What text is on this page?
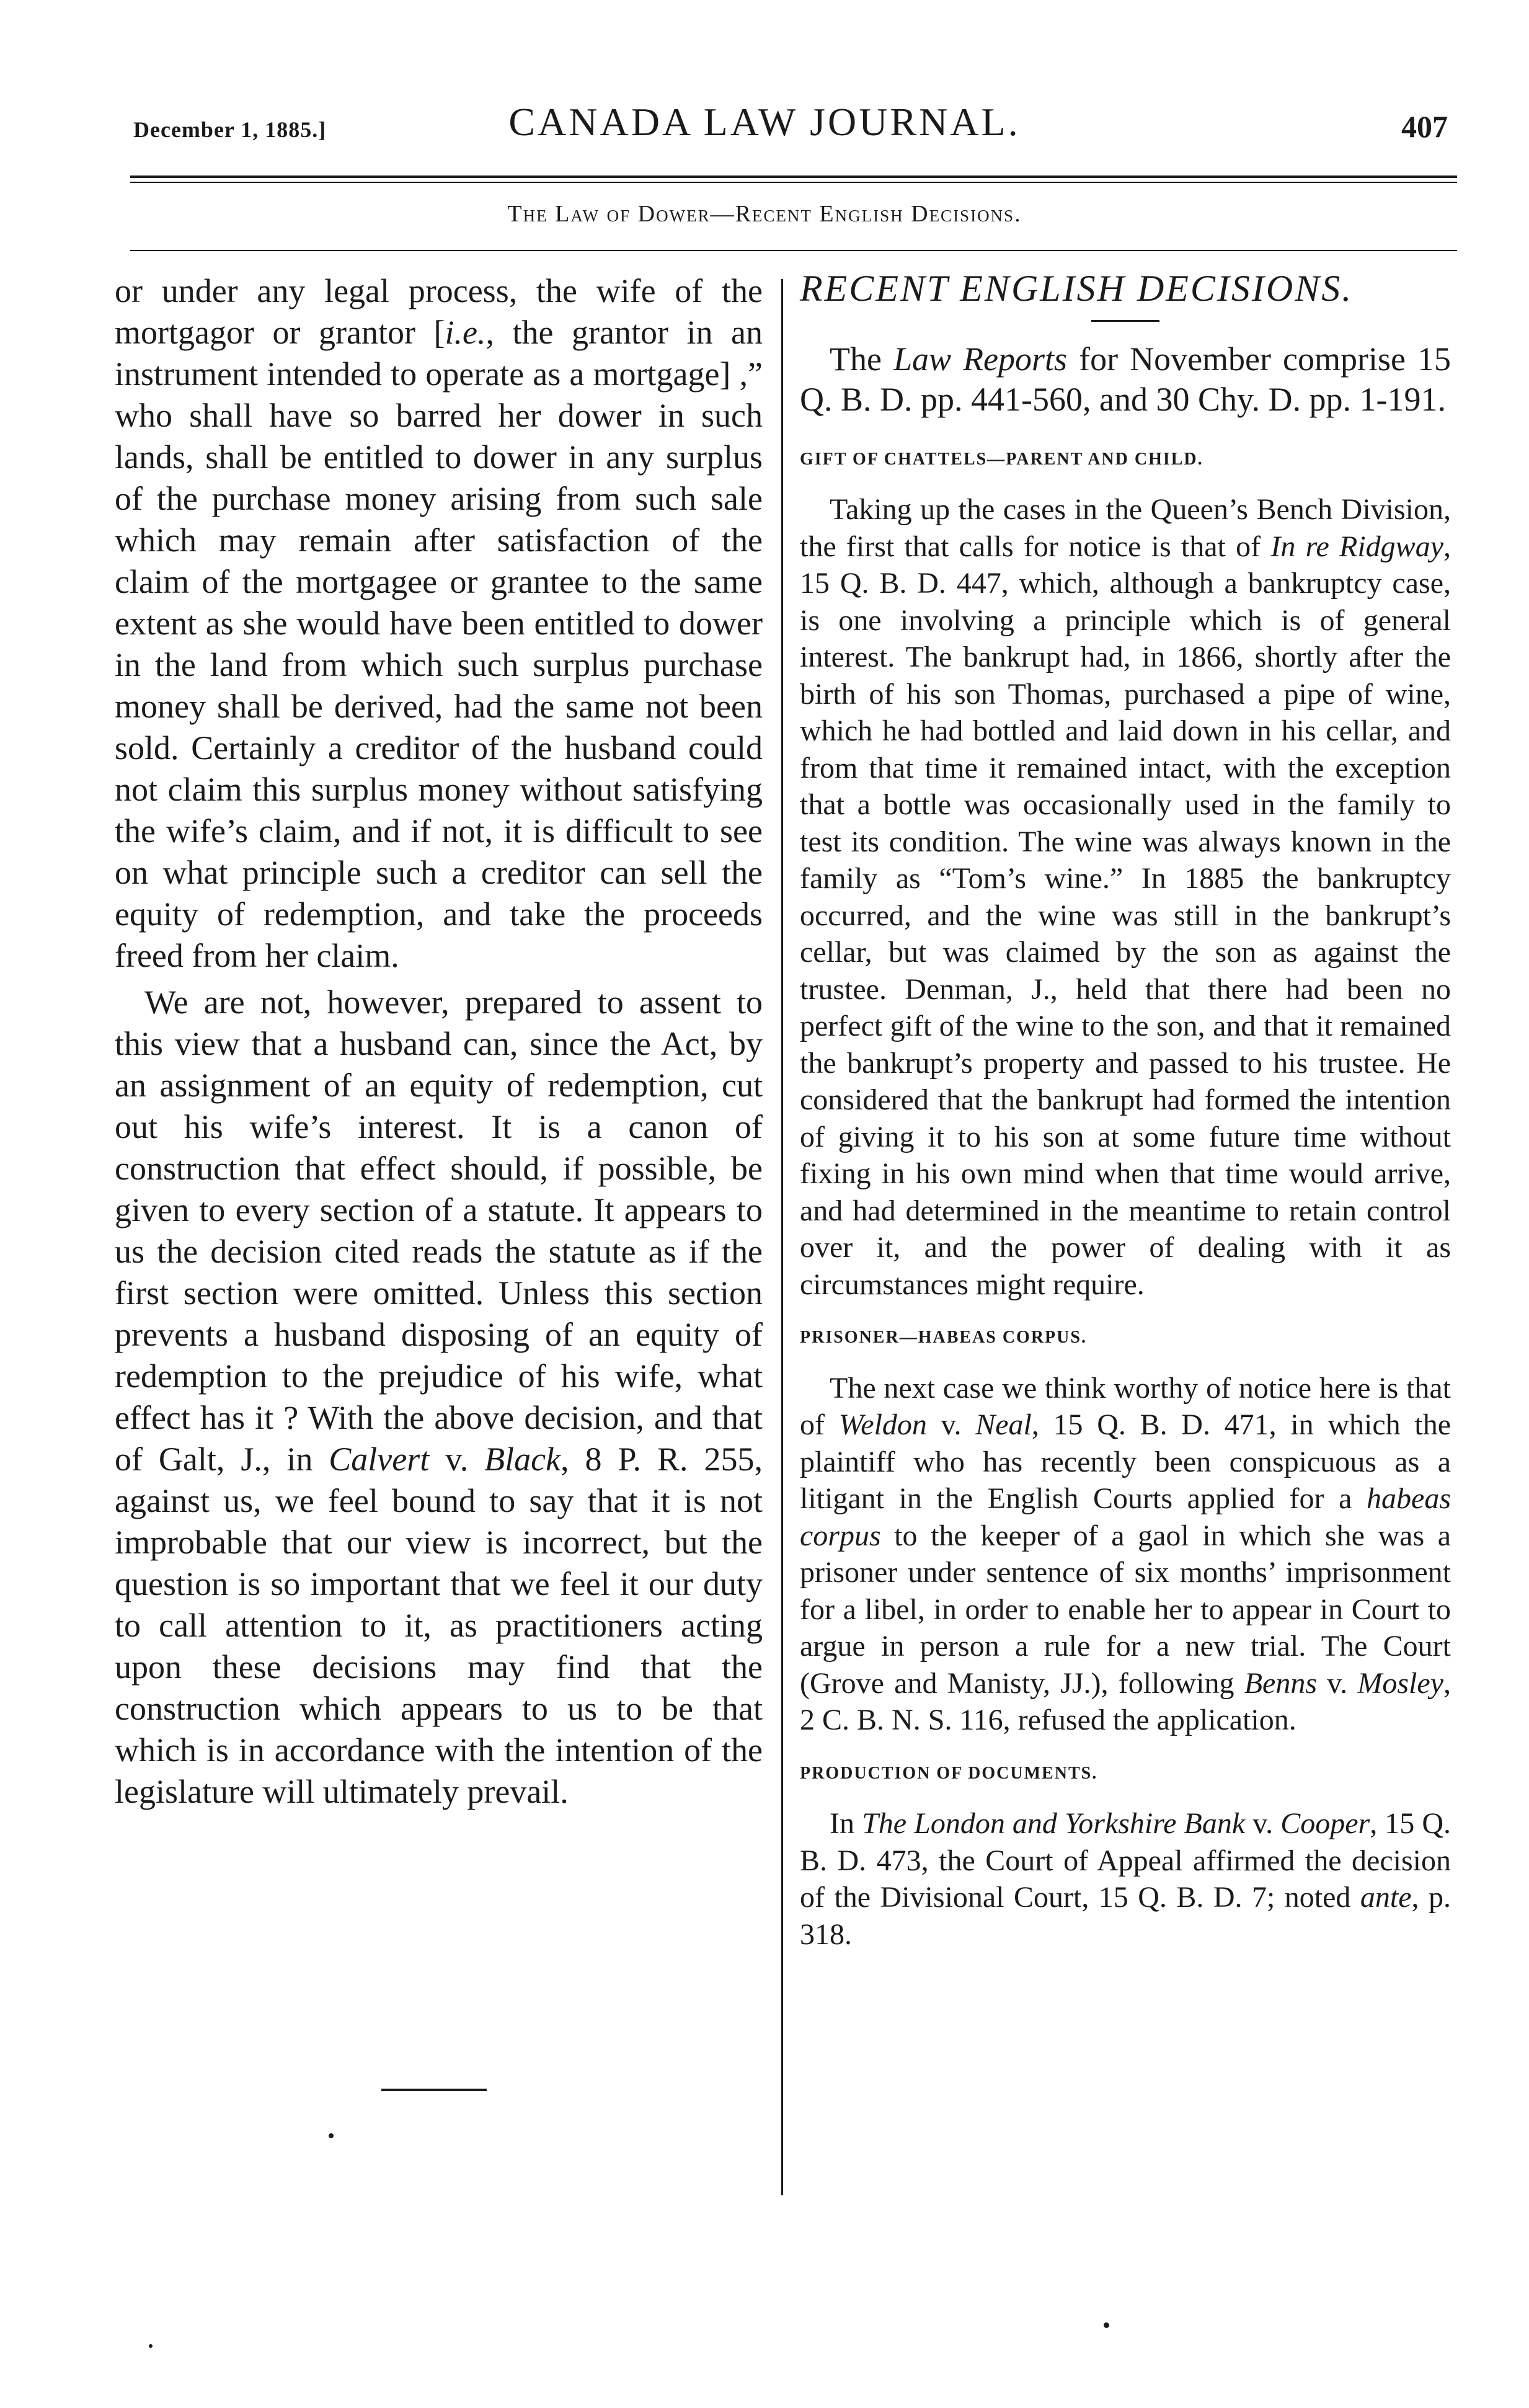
December 1, 1885.]	CANADA LAW JOURNAL.	407
The Law of Dower—Recent English Decisions.

or under any legal process, the wife of the mortgagor or grantor [i.e., the grantor in an instrument intended to operate as a mortgage] ,” who shall have so barred her dower in such lands, shall be entitled to dower in any surplus of the purchase money arising from such sale which may remain after satisfaction of the claim of the mortgagee or grantee to the same extent as she would have been entitled to dower in the land from which such surplus purchase money shall be derived, had the same not been sold. Certainly a creditor of the husband could not claim this surplus money without satisfying the wife’s claim, and if not, it is difficult to see on what principle such a creditor can sell the equity of redemption, and take the proceeds freed from her claim.

We are not, however, prepared to assent to this view that a husband can, since the Act, by an assignment of an equity of redemption, cut out his wife’s interest. It is a canon of construction that effect should, if possible, be given to every section of a statute. It appears to us the decision cited reads the statute as if the first section were omitted. Unless this section prevents a husband disposing of an equity of redemption to the prejudice of his wife, what effect has it ? With the above decision, and that of Galt, J., in Calvert v. Black, 8 P. R. 255, against us, we feel bound to say that it is not improbable that our view is incorrect, but the question is so important that we feel it our duty to call attention to it, as practitioners acting upon these decisions may find that the construction which appears to us to be that which is in accordance with the intention of the legislature will ultimately prevail.

RECENT ENGLISH DECISIONS.

The Law Reports for November comprise 15 Q. B. D. pp. 441-560, and 30 Chy. D. pp. 1-191.

GIFT OF CHATTELS—PARENT AND CHILD.

Taking up the cases in the Queen’s Bench Division, the first that calls for notice is that of In re Ridgway, 15 Q. B. D. 447, which, although a bankruptcy case, is one involving a principle which is of general interest. The bankrupt had, in 1866, shortly after the birth of his son Thomas, purchased a pipe of wine, which he had bottled and laid down in his cellar, and from that time it remained intact, with the exception that a bottle was occasionally used in the family to test its condition. The wine was always known in the family as “Tom’s wine.” In 1885 the bankruptcy occurred, and the wine was still in the bankrupt’s cellar, but was claimed by the son as against the trustee. Denman, J., held that there had been no perfect gift of the wine to the son, and that it remained the bankrupt’s property and passed to his trustee. He considered that the bankrupt had formed the intention of giving it to his son at some future time without fixing in his own mind when that time would arrive, and had determined in the meantime to retain control over it, and the power of dealing with it as circumstances might require.

PRISONER—HABEAS CORPUS.

The next case we think worthy of notice here is that of Weldon v. Neal, 15 Q. B. D. 471, in which the plaintiff who has recently been conspicuous as a litigant in the English Courts applied for a habeas corpus to the keeper of a gaol in which she was a prisoner under sentence of six months’ imprisonment for a libel, in order to enable her to appear in Court to argue in person a rule for a new trial. The Court (Grove and Manisty, JJ.), following Benns v. Mosley, 2 C. B. N. S. 116, refused the application.

PRODUCTION OF DOCUMENTS.

In The London and Yorkshire Bank v. Cooper, 15 Q. B. D. 473, the Court of Appeal affirmed the decision of the Divisional Court, 15 Q. B. D. 7; noted ante, p. 318.
